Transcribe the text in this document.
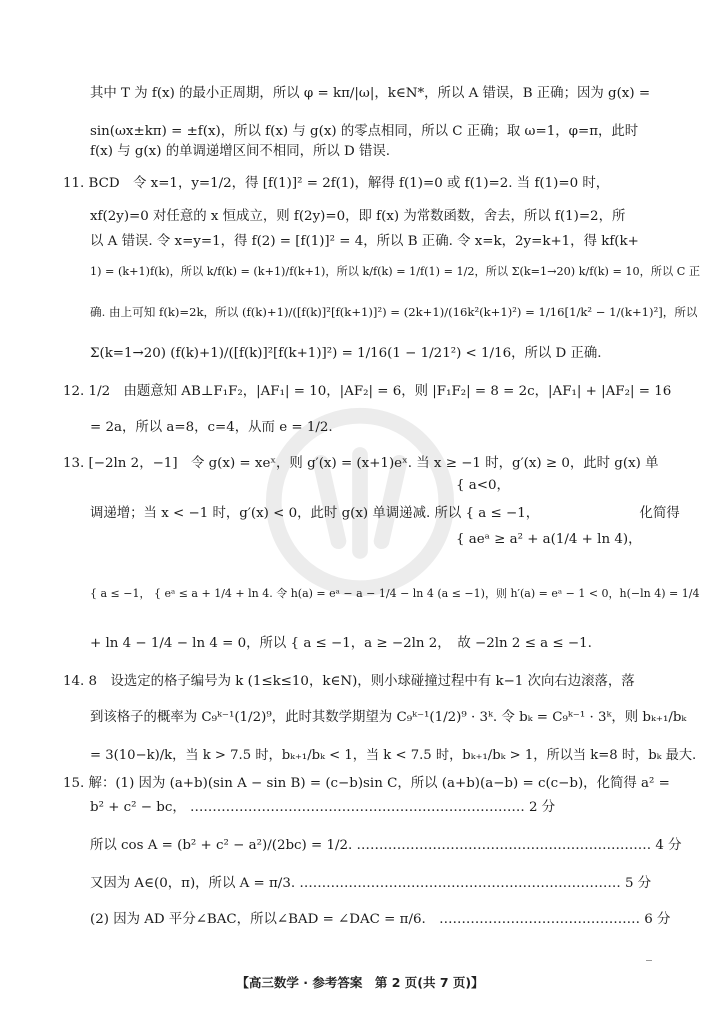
其中 T 为 f(x) 的最小正周期，所以 φ = kπ/|ω|，k∈N*，所以 A 错误，B 正确；因为 g(x) =
sin(ωx±kπ) = ±f(x)，所以 f(x) 与 g(x) 的零点相同，所以 C 正确；取 ω=1，φ=π，此时
f(x) 与 g(x) 的单调递增区间不相同，所以 D 错误.
11. BCD　令 x=1，y=1/2，得 [f(1)]² = 2f(1)，解得 f(1)=0 或 f(1)=2. 当 f(1)=0 时，
xf(2y)=0 对任意的 x 恒成立，则 f(2y)=0，即 f(x) 为常数函数，舍去，所以 f(1)=2，所
以 A 错误. 令 x=y=1，得 f(2) = [f(1)]² = 4，所以 B 正确. 令 x=k，2y=k+1，得 kf(k+
1) = (k+1)f(k)，所以 k/f(k) = (k+1)/f(k+1)，所以 k/f(k) = 1/f(1) = 1/2，所以 Σ(k=1→20) k/f(k) = 10，所以 C 正
确. 由上可知 f(k)=2k，所以 (f(k)+1)/([f(k)]²[f(k+1)]²) = (2k+1)/(16k²(k+1)²) = 1/16[1/k² − 1/(k+1)²]，所以
Σ(k=1→20) (f(k)+1)/([f(k)]²[f(k+1)]²) = 1/16(1 − 1/21²) < 1/16，所以 D 正确.
12. 1/2　由题意知 AB⊥F₁F₂，|AF₁| = 10，|AF₂| = 6，则 |F₁F₂| = 8 = 2c，|AF₁| + |AF₂| = 16
= 2a，所以 a=8，c=4，从而 e = 1/2.
13. [−2ln 2，−1]　令 g(x) = xeˣ，则 g′(x) = (x+1)eˣ. 当 x ≥ −1 时，g′(x) ≥ 0，此时 g(x) 单
{ a<0，
调递增；当 x < −1 时，g′(x) < 0，此时 g(x) 单调递减. 所以 { a ≤ −1，　　　　　　　　化简得
{ aeᵃ ≥ a² + a(1/4 + ln 4)，
{ a ≤ −1， { eᵃ ≤ a + 1/4 + ln 4. 令 h(a) = eᵃ − a − 1/4 − ln 4 (a ≤ −1)，则 h′(a) = eᵃ − 1 < 0，h(−ln 4) = 1/4
+ ln 4 − 1/4 − ln 4 = 0，所以 { a ≤ −1，a ≥ −2ln 2，　故 −2ln 2 ≤ a ≤ −1.
14. 8　设选定的格子编号为 k (1≤k≤10，k∈N)，则小球碰撞过程中有 k−1 次向右边滚落，落
到该格子的概率为 C₉ᵏ⁻¹(1/2)⁹，此时其数学期望为 C₉ᵏ⁻¹(1/2)⁹ · 3ᵏ. 令 bₖ = C₉ᵏ⁻¹ · 3ᵏ，则 bₖ₊₁/bₖ
= 3(10−k)/k，当 k > 7.5 时，bₖ₊₁/bₖ < 1，当 k < 7.5 时，bₖ₊₁/bₖ > 1，所以当 k=8 时，bₖ 最大.
15. 解：(1) 因为 (a+b)(sin A − sin B) = (c−b)sin C，所以 (a+b)(a−b) = c(c−b)，化简得 a² =
b² + c² − bc， ………………………………………………………………… 2 分
所以 cos A = (b² + c² − a²)/(2bc) = 1/2. ………………………………………………………… 4 分
又因为 A∈(0，π)，所以 A = π/3. ……………………………………………………………… 5 分
(2) 因为 AD 平分∠BAC，所以∠BAD = ∠DAC = π/6.　……………………………………… 6 分
【高三数学 · 参考答案　第 2 页(共 7 页)】
